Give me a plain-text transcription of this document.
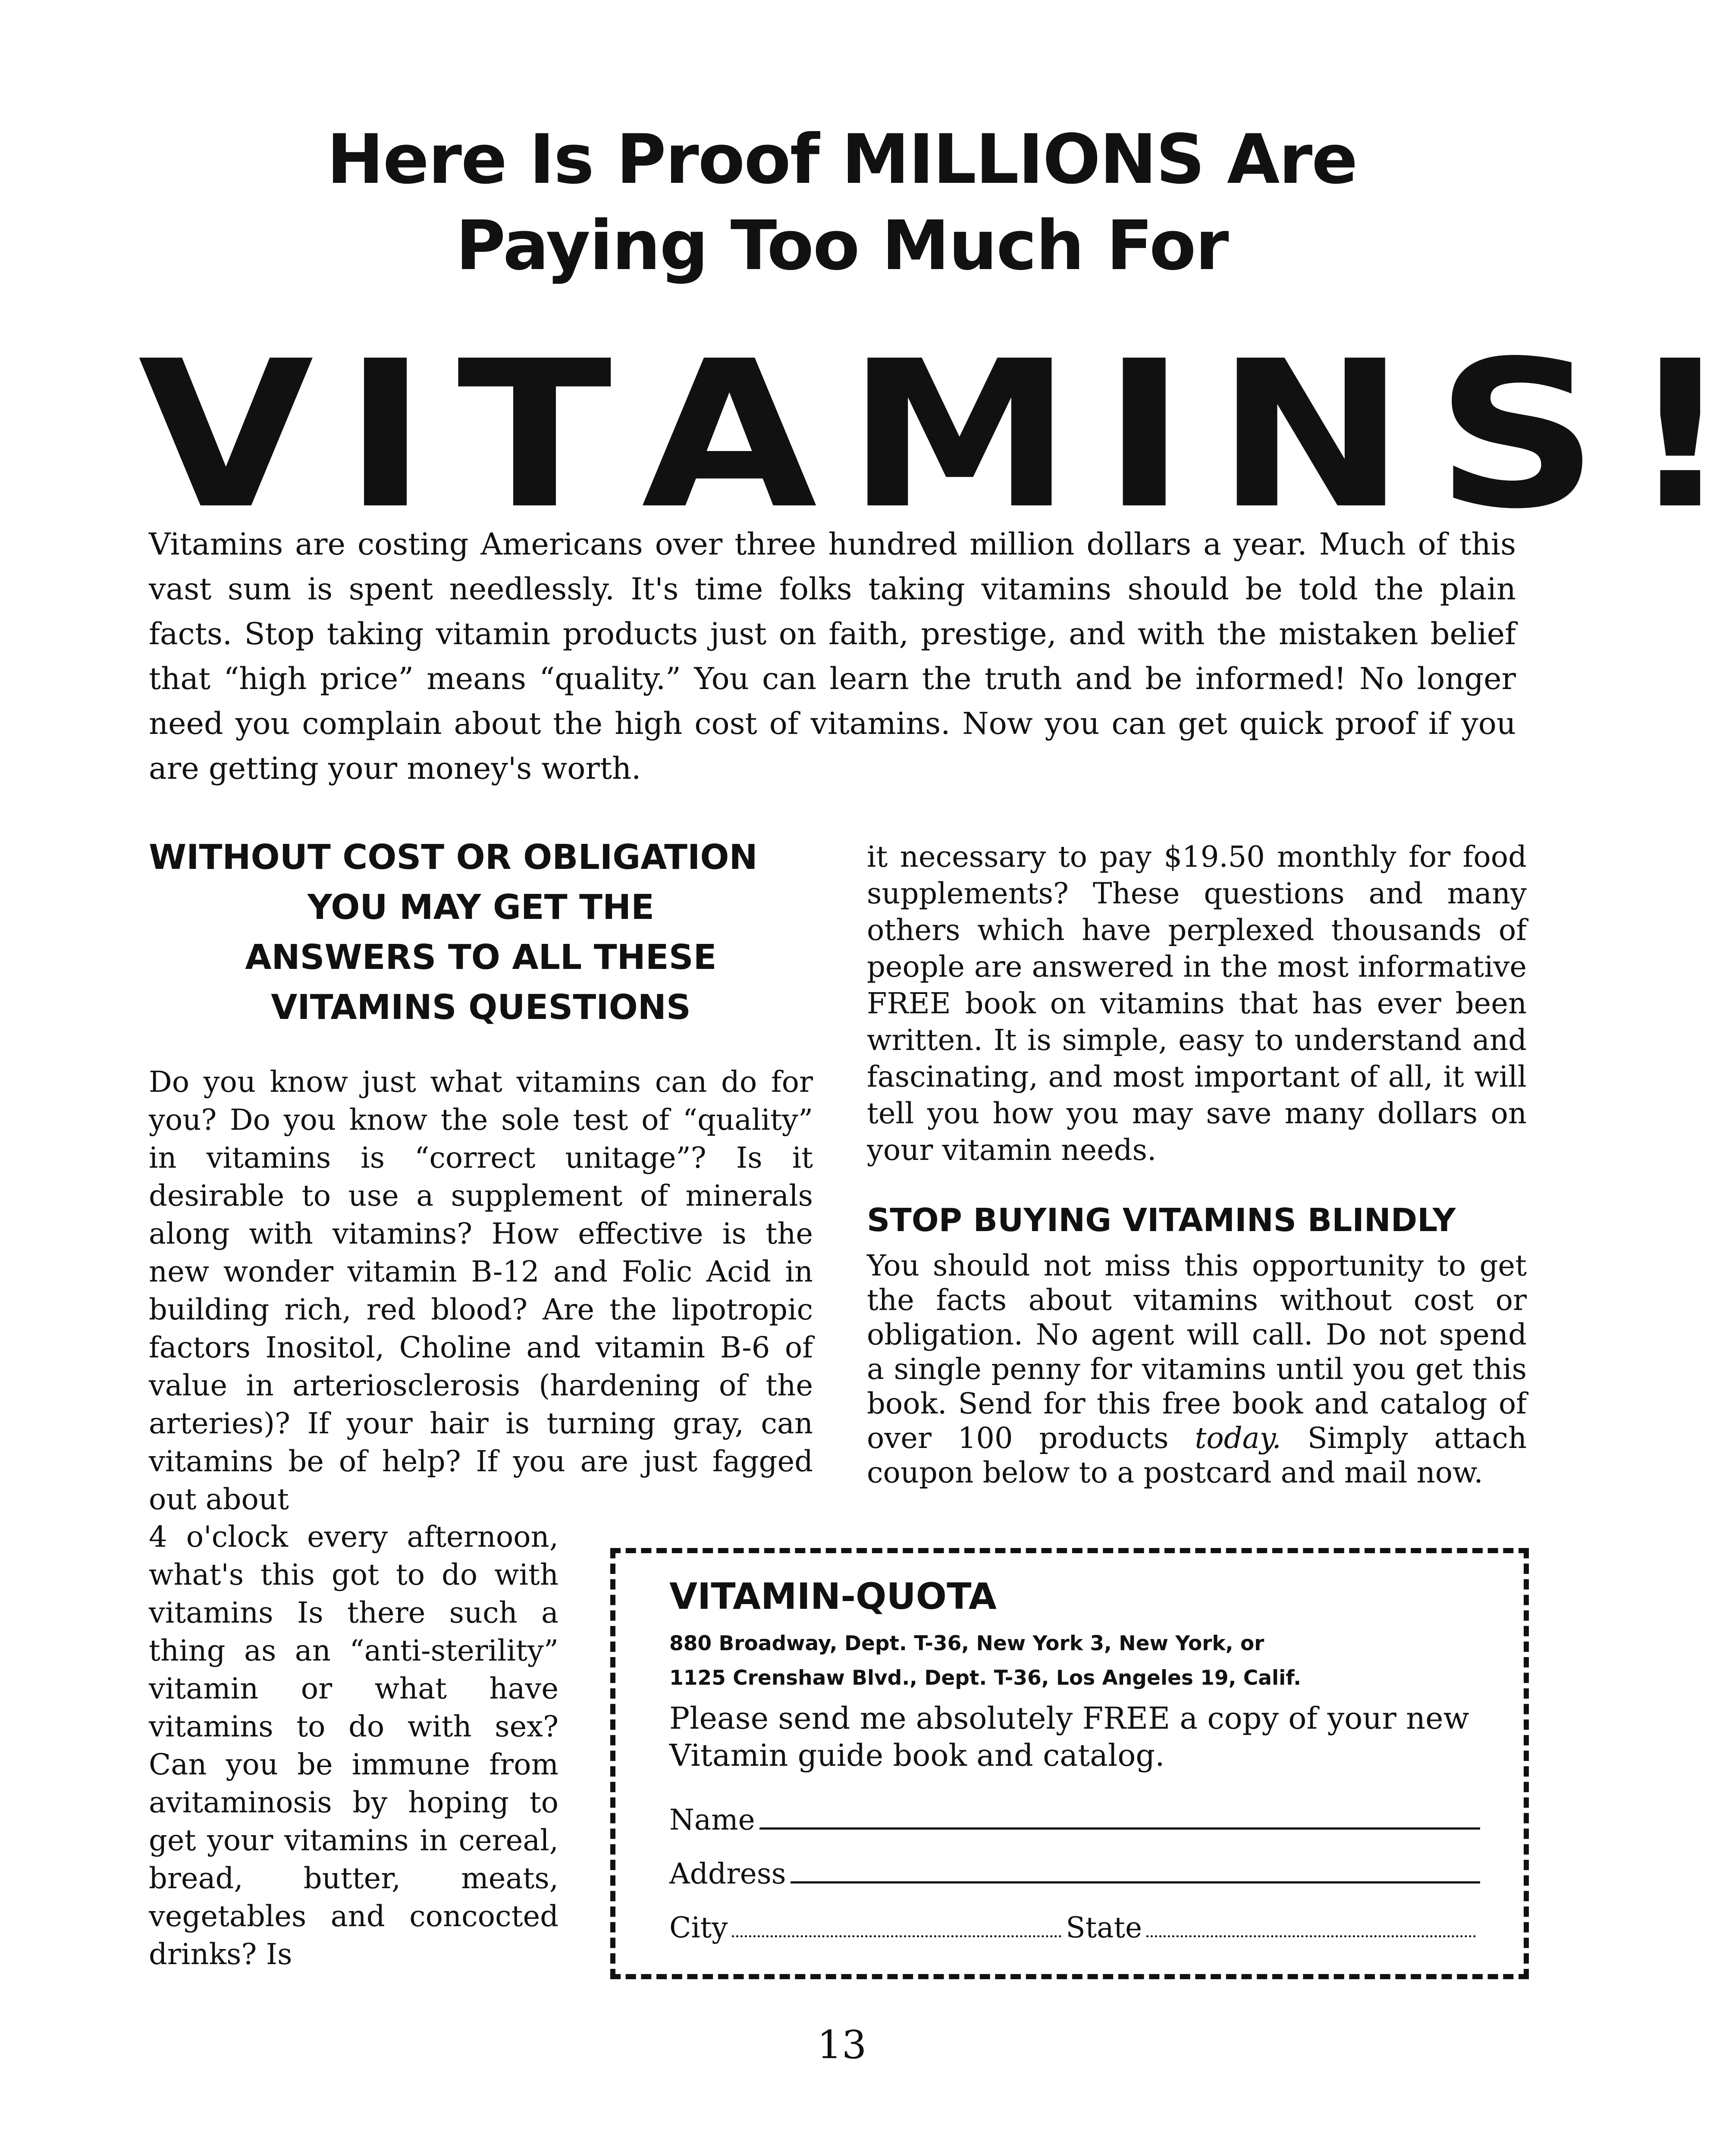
Here Is Proof MILLIONS Are
Paying Too Much For
V I T A M I N S !
Vitamins are costing Americans over three hundred million dollars a year. Much of this vast sum is spent needlessly. It's time folks taking vitamins should be told the plain facts. Stop taking vitamin products just on faith, prestige, and with the mistaken belief that “high price” means “quality.” You can learn the truth and be informed! No longer need you complain about the high cost of vitamins. Now you can get quick proof if you are getting your money's worth.
WITHOUT COST OR OBLIGATION
YOU MAY GET THE
ANSWERS TO ALL THESE
VITAMINS QUESTIONS
Do you know just what vitamins can do for you? Do you know the sole test of “quality” in vitamins is “correct unitage”? Is it desirable to use a supplement of minerals along with vitamins? How effective is the new wonder vitamin B-12 and Folic Acid in building rich, red blood? Are the lipotropic factors Inositol, Choline and vitamin B-6 of value in arteriosclerosis (hardening of the arteries)? If your hair is turning gray, can vitamins be of help? If you are just fagged out about
4 o'clock every afternoon, what's this got to do with vitamins Is there such a thing as an “anti-sterility” vitamin or what have vitamins to do with sex? Can you be immune from avitaminosis by hoping to get your vitamins in cereal, bread, butter, meats, vegetables and concocted drinks? Is
it necessary to pay $19.50 monthly for food supplements? These questions and many others which have perplexed thousands of people are answered in the most informative FREE book on vitamins that has ever been written. It is simple, easy to understand and fascinating, and most important of all, it will tell you how you may save many dollars on your vitamin needs.
STOP BUYING VITAMINS BLINDLY
You should not miss this opportunity to get the facts about vitamins without cost or obligation. No agent will call. Do not spend a single penny for vitamins until you get this book. Send for this free book and catalog of over 100 products today. Simply attach coupon below to a postcard and mail now.
VITAMIN-QUOTA
880 Broadway, Dept. T-36, New York 3, New York, or
1125 Crenshaw Blvd., Dept. T-36, Los Angeles 19, Calif.
Please send me absolutely FREE a copy of your new Vitamin guide book and catalog.
Name
Address
City	State
13
